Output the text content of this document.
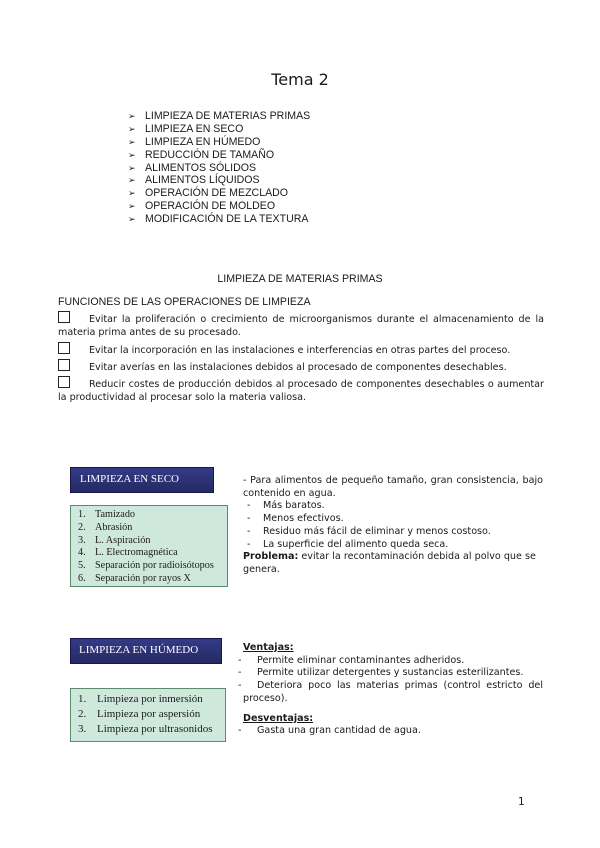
Tema 2
➢ LIMPIEZA DE MATERIAS PRIMAS
➢ LIMPIEZA EN SECO
➢ LIMPIEZA EN HÚMEDO
➢ REDUCCIÓN DE TAMAÑO
➢ ALIMENTOS SÓLIDOS
➢ ALIMENTOS LÍQUIDOS
➢ OPERACIÓN DE MEZCLADO
➢ OPERACIÓN DE MOLDEO
➢ MODIFICACIÓN DE LA TEXTURA
LIMPIEZA DE MATERIAS PRIMAS
FUNCIONES DE LAS OPERACIONES DE LIMPIEZA

Evitar la proliferación o crecimiento de microorganismos durante el almacenamiento de la materia prima antes de su procesado.

Evitar la incorporación en las instalaciones e interferencias en otras partes del proceso.

Evitar averías en las instalaciones debidos al procesado de componentes desechables.

Reducir costes de producción debidos al procesado de componentes desechables o aumentar la productividad al procesar solo la materia valiosa.

LIMPIEZA EN SECO
1. Tamizado
2. Abrasión
3. L. Aspiración
4. L. Electromagnética
5. Separación por radioisótopos
6. Separación por rayos X

- Para alimentos de pequeño tamaño, gran consistencia, bajo contenido en agua.

- Más baratos.

- Menos efectivos.

- Residuo más fácil de eliminar y menos costoso.

- La superficie del alimento queda seca.

Problema: evitar la recontaminación debida al polvo que se genera.

LIMPIEZA EN HÚMEDO
1. Limpieza por inmersión
2. Limpieza por aspersión
3. Limpieza por ultrasonidos

Ventajas:

- Permite eliminar contaminantes adheridos.

- Permite utilizar detergentes y sustancias esterilizantes.

- Deteriora poco las materias primas (control estricto del proceso).

Desventajas:

- Gasta una gran cantidad de agua.

1
